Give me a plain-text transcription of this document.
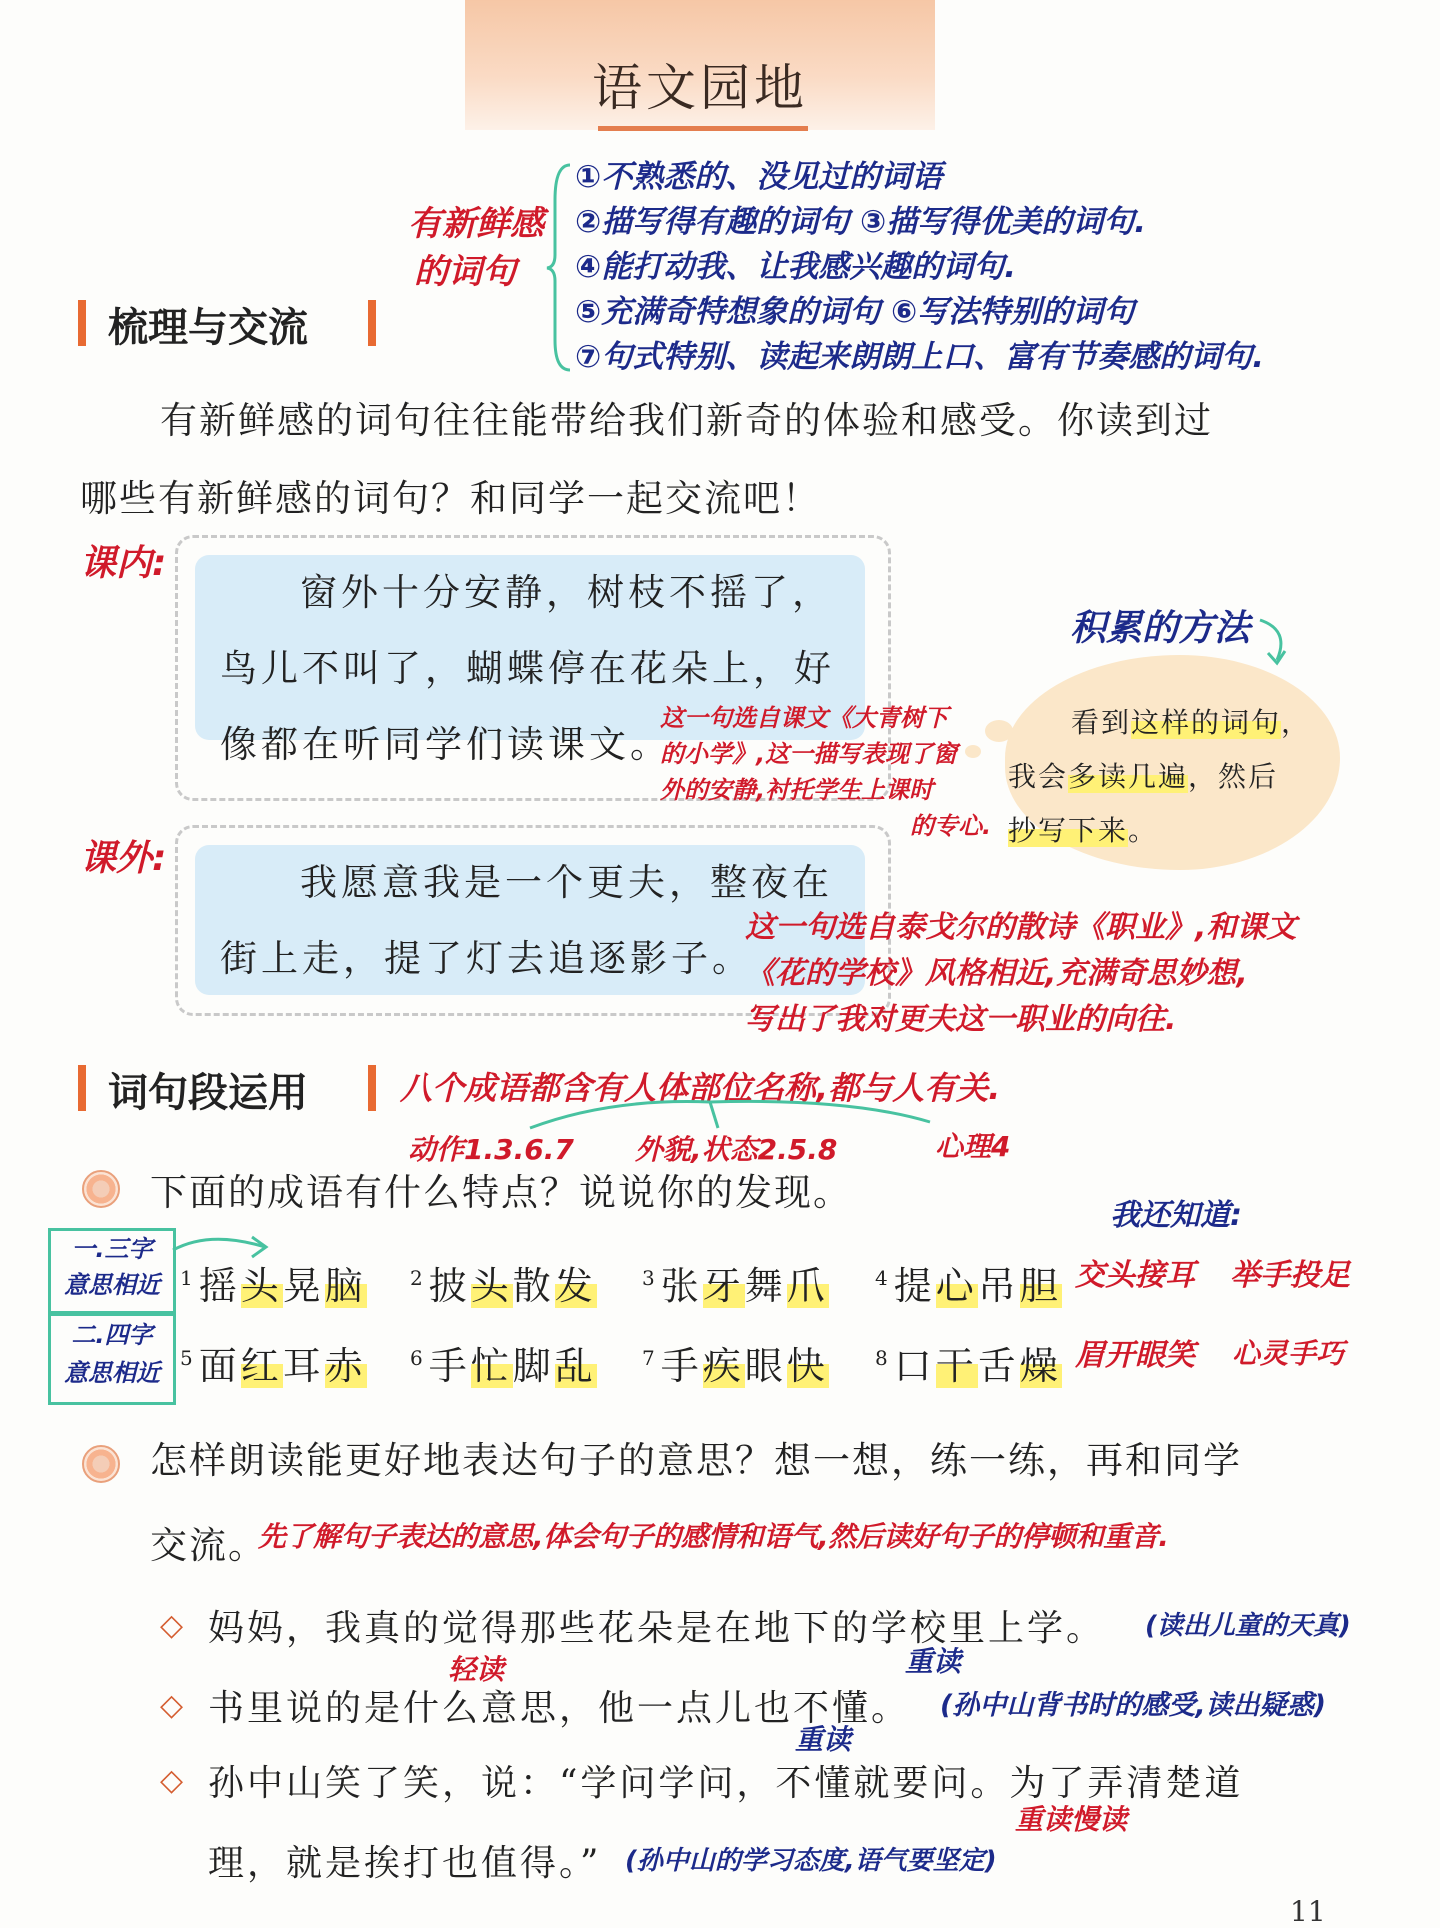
语文园地
有新鲜感
的词句
①不熟悉的、没见过的词语
②描写得有趣的词句 ③描写得优美的词句.
④能打动我、让我感兴趣的词句.
⑤充满奇特想象的词句 ⑥写法特别的词句
⑦句式特别、读起来朗朗上口、富有节奏感的词句.
梳理与交流
有新鲜感的词句往往能带给我们新奇的体验和感受。你读到过
哪些有新鲜感的词句？和同学一起交流吧！
课内:
窗外十分安静，树枝不摇了，
鸟儿不叫了，蝴蝶停在花朵上，好
像都在听同学们读课文。
课外:
我愿意我是一个更夫，整夜在
街上走，提了灯去追逐影子。
积累的方法
看到这样的词句，
我会多读几遍，然后
抄写下来。
这一句选自课文《大青树下
的小学》,这一描写表现了窗
外的安静,衬托学生上课时
的专心.
这一句选自泰戈尔的散诗《职业》,和课文
《花的学校》风格相近,充满奇思妙想,
写出了我对更夫这一职业的向往.
词句段运用	八个成语都含有人体部位名称,都与人有关.
动作1.3.6.7 外貌,状态2.5.8	心理4
下面的成语有什么特点？说说你的发现。
我还知道:
一.三字
意思相近
二.四字
意思相近
$^1$摇头晃脑 $^2$披头散发 $^3$张牙舞爪 $^4$提心吊胆
$^5$面红耳赤 $^6$手忙脚乱 $^7$手疾眼快 $^8$口干舌燥
交头接耳 举手投足
眉开眼笑 心灵手巧
怎样朗读能更好地表达句子的意思？想一想，练一练，再和同学
交流。
先了解句子表达的意思,体会句子的感情和语气,然后读好句子的停顿和重音.
◇ 妈妈，我真的觉得那些花朵是在地下的学校里上学。 (读出儿童的天真)
轻读	重读
◇ 书里说的是什么意思，他一点儿也不懂。 (孙中山背书时的感受,读出疑惑)
重读
◇ 孙中山笑了笑，说：“学问学问，不懂就要问。为了弄清楚道
重读慢读
理，就是挨打也值得。” (孙中山的学习态度,语气要坚定)
11
